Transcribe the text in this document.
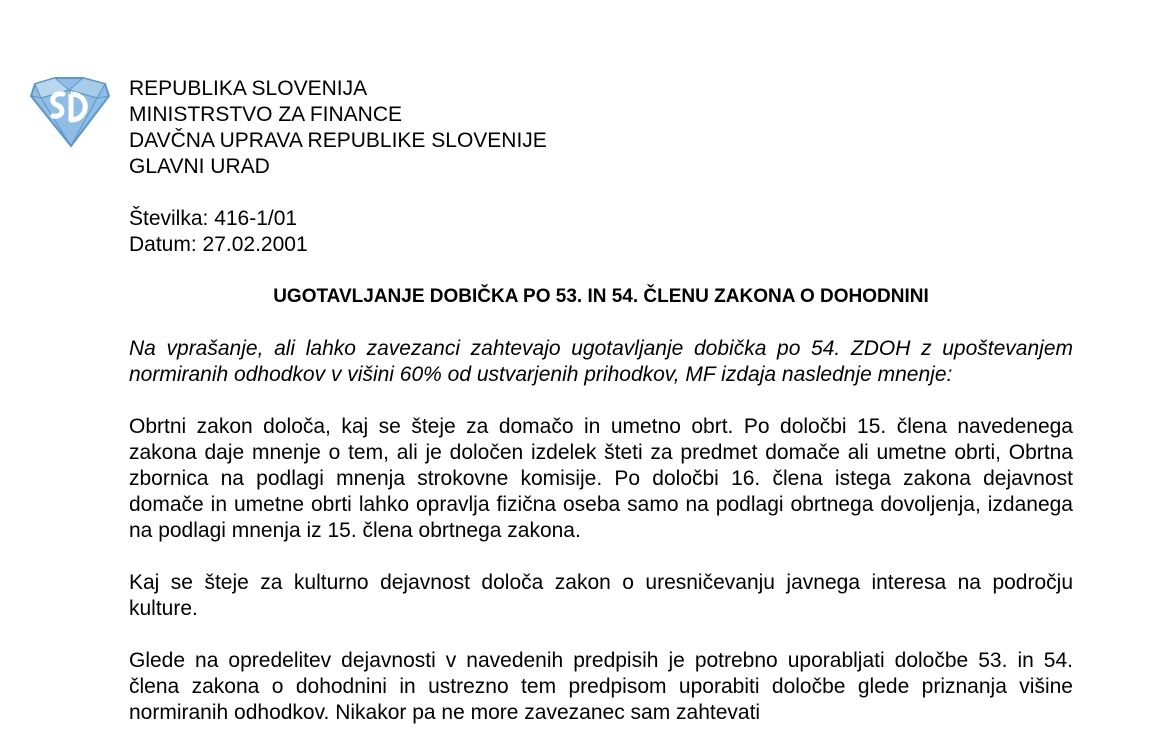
REPUBLIKA SLOVENIJA
MINISTRSTVO ZA FINANCE
DAVČNA UPRAVA REPUBLIKE SLOVENIJE
GLAVNI URAD
Številka: 416-1/01
Datum: 27.02.2001
UGOTAVLJANJE DOBIČKA PO 53. IN 54. ČLENU ZAKONA O DOHODNINI
Na vprašanje, ali lahko zavezanci zahtevajo ugotavljanje dobička po 54. ZDOH z upoštevanjem normiranih odhodkov v višini 60% od ustvarjenih prihodkov, MF izdaja naslednje mnenje:
Obrtni zakon določa, kaj se šteje za domačo in umetno obrt. Po določbi 15. člena navedenega zakona daje mnenje o tem, ali je določen izdelek šteti za predmet domače ali umetne obrti, Obrtna zbornica na podlagi mnenja strokovne komisije. Po določbi 16. člena istega zakona dejavnost domače in umetne obrti lahko opravlja fizična oseba samo na podlagi obrtnega dovoljenja, izdanega na podlagi mnenja iz 15. člena obrtnega zakona.
Kaj se šteje za kulturno dejavnost določa zakon o uresničevanju javnega interesa na področju kulture.
Glede na opredelitev dejavnosti v navedenih predpisih je potrebno uporabljati določbe 53. in 54. člena zakona o dohodnini in ustrezno tem predpisom uporabiti določbe glede priznanja višine normiranih odhodkov. Nikakor pa ne more zavezanec sam zahtevati
